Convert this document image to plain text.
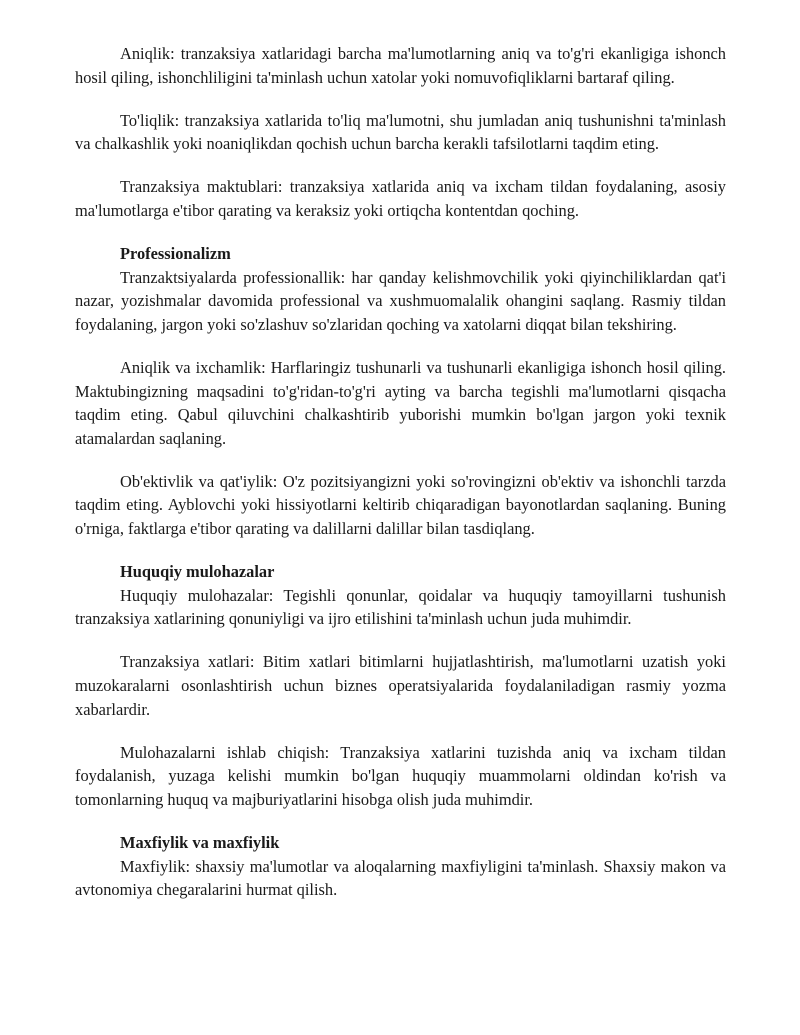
Aniqlik: tranzaksiya xatlaridagi barcha ma'lumotlarning aniq va to'g'ri ekanligiga ishonch hosil qiling, ishonchliligini ta'minlash uchun xatolar yoki nomuvofiqliklarni bartaraf qiling.

To'liqlik: tranzaksiya xatlarida to'liq ma'lumotni, shu jumladan aniq tushunishni ta'minlash va chalkashlik yoki noaniqlikdan qochish uchun barcha kerakli tafsilotlarni taqdim eting.

Tranzaksiya maktublari: tranzaksiya xatlarida aniq va ixcham tildan foydalaning, asosiy ma'lumotlarga e'tibor qarating va keraksiz yoki ortiqcha kontentdan qoching.

Professionalizm

Tranzaktsiyalarda professionallik: har qanday kelishmovchilik yoki qiyinchiliklardan qat'i nazar, yozishmalar davomida professional va xushmuomalalik ohangini saqlang. Rasmiy tildan foydalaning, jargon yoki so'zlashuv so'zlaridan qoching va xatolarni diqqat bilan tekshiring.

Aniqlik va ixchamlik: Harflaringiz tushunarli va tushunarli ekanligiga ishonch hosil qiling. Maktubingizning maqsadini to'g'ridan-to'g'ri ayting va barcha tegishli ma'lumotlarni qisqacha taqdim eting. Qabul qiluvchini chalkashtirib yuborishi mumkin bo'lgan jargon yoki texnik atamalardan saqlaning.

Ob'ektivlik va qat'iylik: O'z pozitsiyangizni yoki so'rovingizni ob'ektiv va ishonchli tarzda taqdim eting. Ayblovchi yoki hissiyotlarni keltirib chiqaradigan bayonotlardan saqlaning. Buning o'rniga, faktlarga e'tibor qarating va dalillarni dalillar bilan tasdiqlang.

Huquqiy mulohazalar

Huquqiy mulohazalar: Tegishli qonunlar, qoidalar va huquqiy tamoyillarni tushunish tranzaksiya xatlarining qonuniyligi va ijro etilishini ta'minlash uchun juda muhimdir.

Tranzaksiya xatlari: Bitim xatlari bitimlarni hujjatlashtirish, ma'lumotlarni uzatish yoki muzokaralarni osonlashtirish uchun biznes operatsiyalarida foydalaniladigan rasmiy yozma xabarlardir.

Mulohazalarni ishlab chiqish: Tranzaksiya xatlarini tuzishda aniq va ixcham tildan foydalanish, yuzaga kelishi mumkin bo'lgan huquqiy muammolarni oldindan ko'rish va tomonlarning huquq va majburiyatlarini hisobga olish juda muhimdir.

Maxfiylik va maxfiylik

Maxfiylik: shaxsiy ma'lumotlar va aloqalarning maxfiyligini ta'minlash. Shaxsiy makon va avtonomiya chegaralarini hurmat qilish.
